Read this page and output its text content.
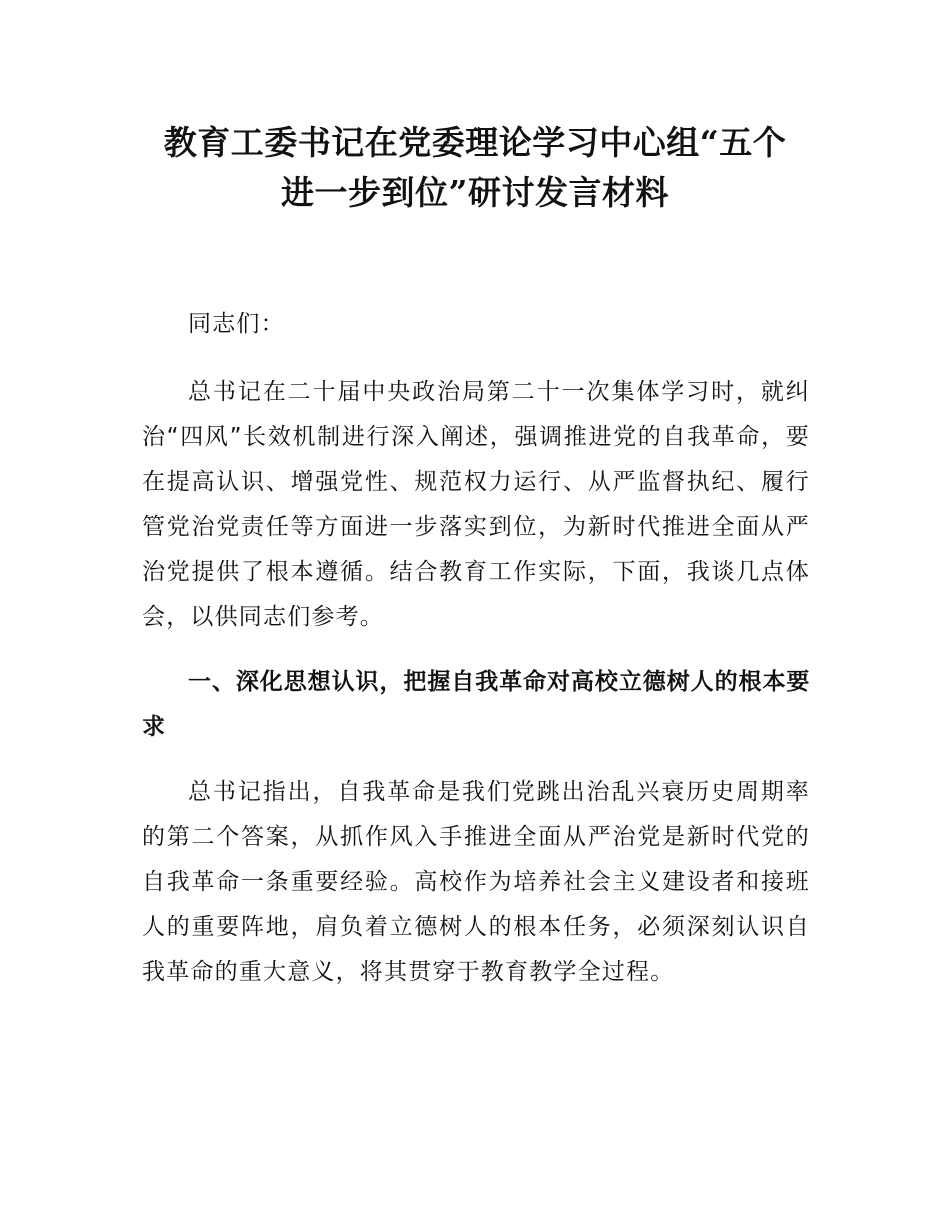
教育工委书记在党委理论学习中心组“五个
进一步到位”研讨发言材料

同志们：

总书记在二十届中央政治局第二十一次集体学习时，就纠治“四风”长效机制进行深入阐述，强调推进党的自我革命，要在提高认识、增强党性、规范权力运行、从严监督执纪、履行管党治党责任等方面进一步落实到位，为新时代推进全面从严治党提供了根本遵循。结合教育工作实际，下面，我谈几点体会，以供同志们参考。

一、深化思想认识，把握自我革命对高校立德树人的根本要求

总书记指出，自我革命是我们党跳出治乱兴衰历史周期率的第二个答案，从抓作风入手推进全面从严治党是新时代党的自我革命一条重要经验。高校作为培养社会主义建设者和接班人的重要阵地，肩负着立德树人的根本任务，必须深刻认识自我革命的重大意义，将其贯穿于教育教学全过程。
